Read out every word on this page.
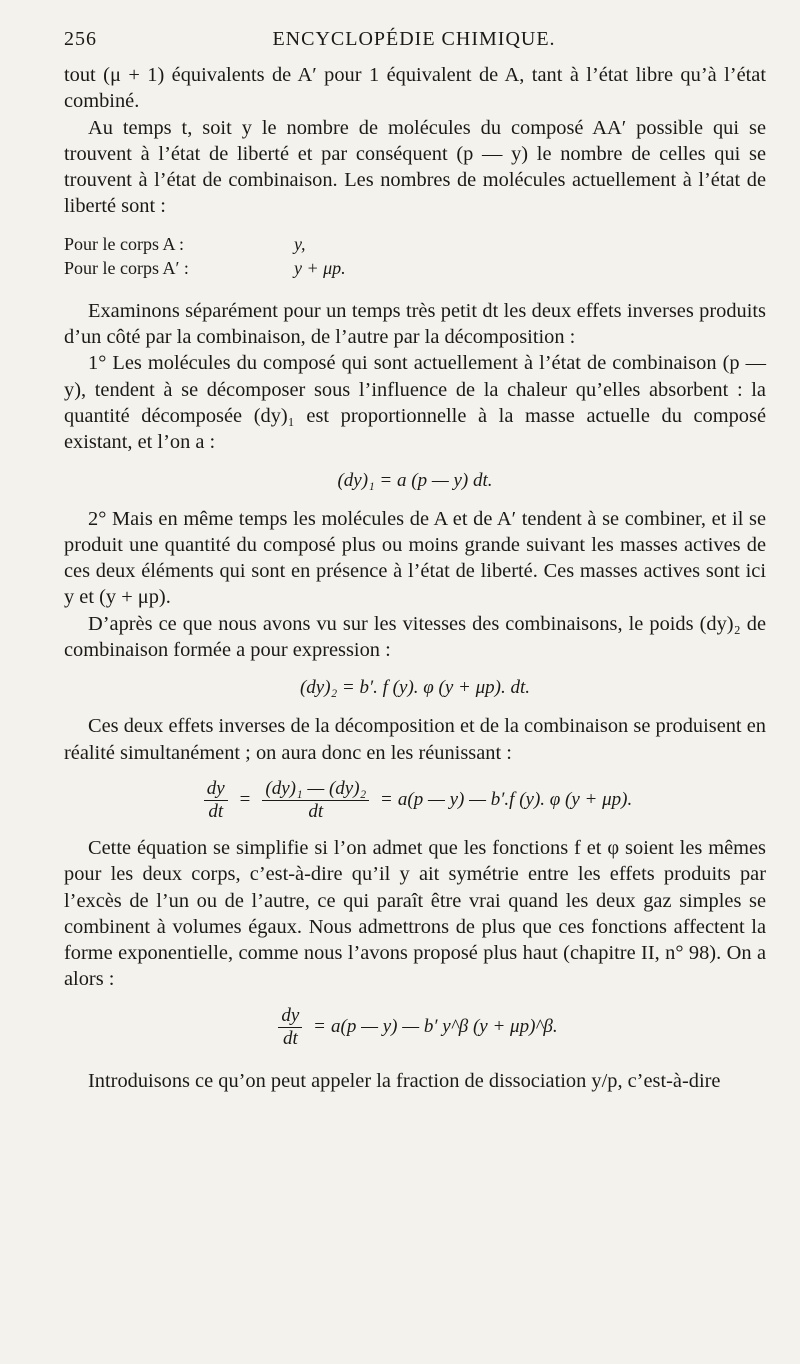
256	ENCYCLOPÉDIE CHIMIQUE.

tout (μ + 1) équivalents de A′ pour 1 équivalent de A, tant à l’état libre qu’à l’état combiné.

Au temps t, soit y le nombre de molécules du composé AA′ possible qui se trouvent à l’état de liberté et par conséquent (p — y) le nombre de celles qui se trouvent à l’état de combinaison. Les nombres de molécules actuellement à l’état de liberté sont :

Pour le corps A :	y,
Pour le corps A′ :	y + μp.

Examinons séparément pour un temps très petit dt les deux effets inverses produits d’un côté par la combinaison, de l’autre par la décomposition :

1° Les molécules du composé qui sont actuellement à l’état de combinaison (p — y), tendent à se décomposer sous l’influence de la chaleur qu’elles absorbent : la quantité décomposée (dy)₁ est proportionnelle à la masse actuelle du composé existant, et l’on a :

(dy)₁ = a (p — y) dt.

2° Mais en même temps les molécules de A et de A′ tendent à se combiner, et il se produit une quantité du composé plus ou moins grande suivant les masses actives de ces deux éléments qui sont en présence à l’état de liberté. Ces masses actives sont ici y et (y + μp).

D’après ce que nous avons vu sur les vitesses des combinaisons, le poids (dy)₂ de combinaison formée a pour expression :

(dy)₂ = b′. f (y). φ (y + μp). dt.

Ces deux effets inverses de la décomposition et de la combinaison se produisent en réalité simultanément ; on aura donc en les réunissant :

$\frac{dy}{dt} = \frac{\text{(dy)₁ — (dy)₂}}{dt} = a(p$ — y) — b′.f (y). φ (y + μp).

Cette équation se simplifie si l’on admet que les fonctions f et φ soient les mêmes pour les deux corps, c’est-à-dire qu’il y ait symétrie entre les effets produits par l’excès de l’un ou de l’autre, ce qui paraît être vrai quand les deux gaz simples se combinent à volumes égaux. Nous admettrons de plus que ces fonctions affectent la forme exponentielle, comme nous l’avons proposé plus haut (chapitre II, n° 98). On a alors :

$\frac{dy}{dt} = a(p$ — y) — b′ y^β (y + μp)^β.

Introduisons ce qu’on peut appeler la fraction de dissociation y/p, c’est-à-dire
